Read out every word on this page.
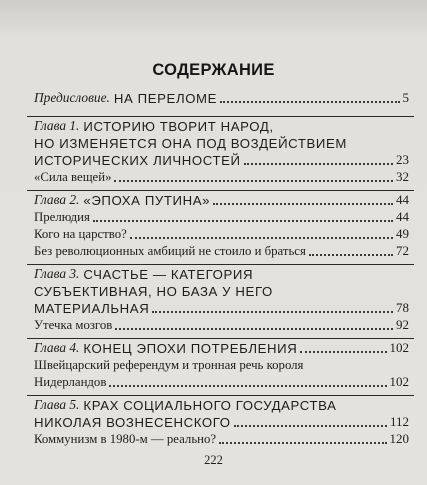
СОДЕРЖАНИЕ
Предисловие. НА ПЕРЕЛОМЕ	5
Глава 1. ИСТОРИЮ ТВОРИТ НАРОД,
НО ИЗМЕНЯЕТСЯ ОНА ПОД ВОЗДЕЙСТВИЕМ
ИСТОРИЧЕСКИХ ЛИЧНОСТЕЙ	23
«Сила вещей»	32
Глава 2. «ЭПОХА ПУТИНА»	44
Прелюдия	44
Кого на царство?	49
Без революционных амбиций не стоило и браться	72
Глава 3. СЧАСТЬЕ — КАТЕГОРИЯ
СУБЪЕКТИВНАЯ, НО БАЗА У НЕГО
МАТЕРИАЛЬНАЯ	78
Утечка мозгов	92
Глава 4. КОНЕЦ ЭПОХИ ПОТРЕБЛЕНИЯ	102
Швейцарский референдум и тронная речь короля
Нидерландов	102
Глава 5. КРАХ СОЦИАЛЬНОГО ГОСУДАРСТВА
НИКОЛАЯ ВОЗНЕСЕНСКОГО	112
Коммунизм в 1980-м — реально?	120
222
